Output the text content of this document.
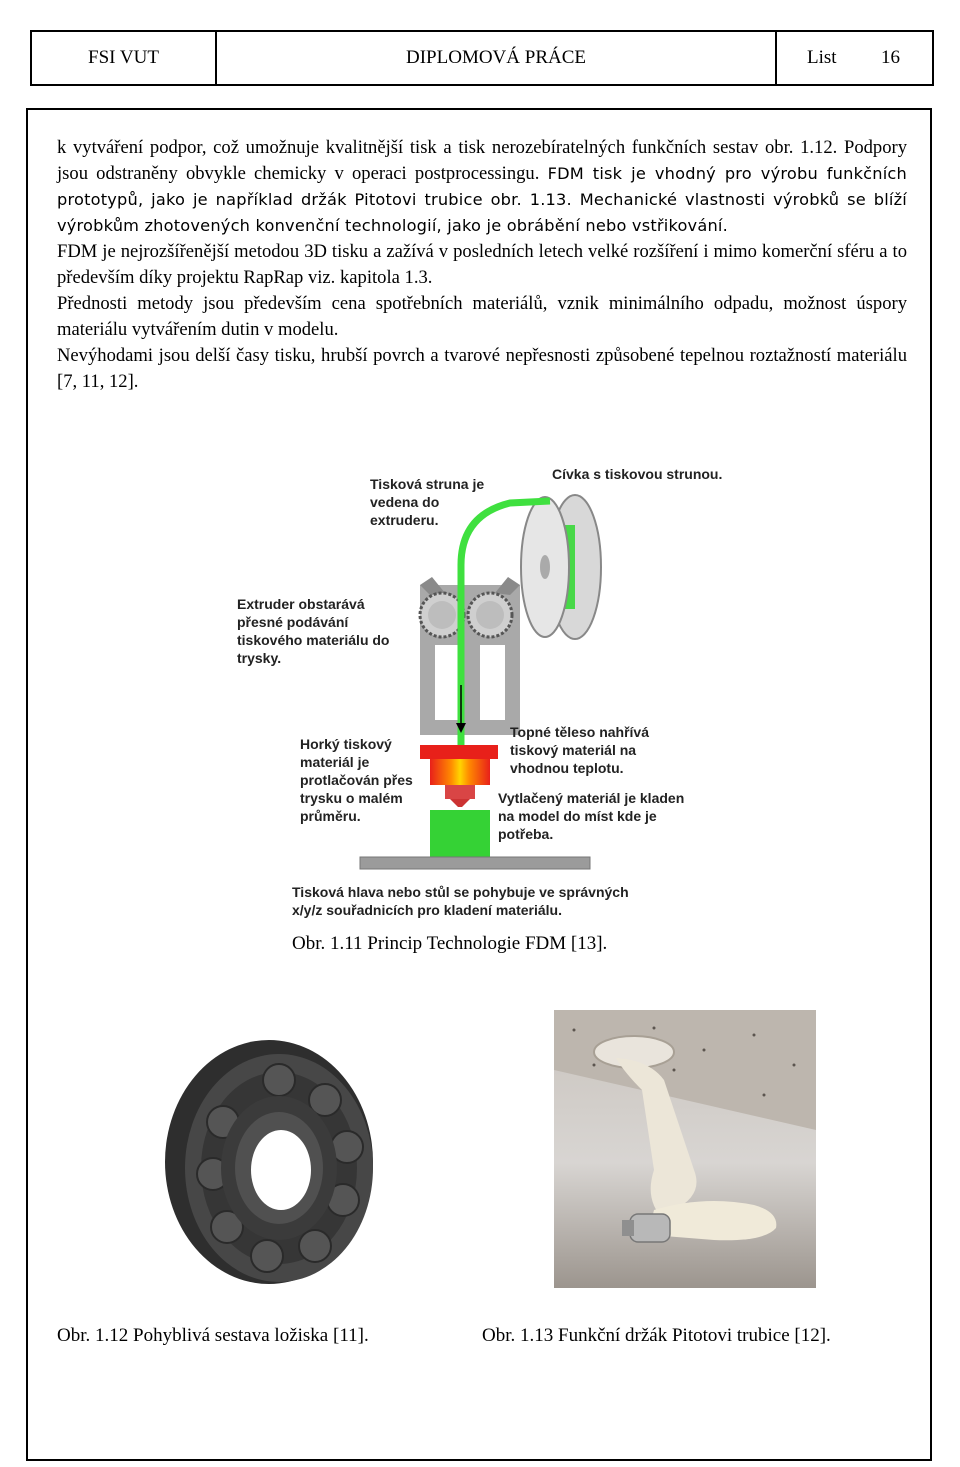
FSI VUT	DIPLOMOVÁ PRÁCE	List 16

k vytváření podpor, což umožnuje kvalitnější tisk a tisk nerozebíratelných funkčních sestav obr. 1.12. Podpory jsou odstraněny obvykle chemicky v operaci postprocessingu. FDM tisk je vhodný pro výrobu funkčních prototypů, jako je například držák Pitotovi trubice obr. 1.13. Mechanické vlastnosti výrobků se blíží výrobkům zhotovených konvenční technologií, jako je obrábění nebo vstřikování.

FDM je nejrozšířenější metodou 3D tisku a zažívá v posledních letech velké rozšíření i mimo komerční sféru a to především díky projektu RapRap viz. kapitola 1.3.

Přednosti metody jsou především cena spotřebních materiálů, vznik minimálního odpadu, možnost úspory materiálu vytvářením dutin v modelu.

Nevýhodami jsou delší časy tisku, hrubší povrch a tvarové nepřesnosti způsobené tepelnou roztažností materiálu [7, 11, 12].

Tisková struna je
vedena do
extruderu.
Cívka s tiskovou strunou.
Extruder obstarává
přesné podávání
tiskového materiálu do
trysky.
Topné těleso nahřívá
tiskový materiál na
vhodnou teplotu.
Horký tiskový
materiál je
protlačován přes
trysku o malém
průměru.
Vytlačený materiál je kladen
na model do míst kde je
potřeba.
Tisková hlava nebo stůl se pohybuje ve správných
x/y/z souřadnicích pro kladení materiálu.
Obr. 1.11 Princip Technologie FDM [13].
Obr. 1.12 Pohyblivá sestava ložiska [11].	Obr. 1.13 Funkční držák Pitotovi trubice [12].
